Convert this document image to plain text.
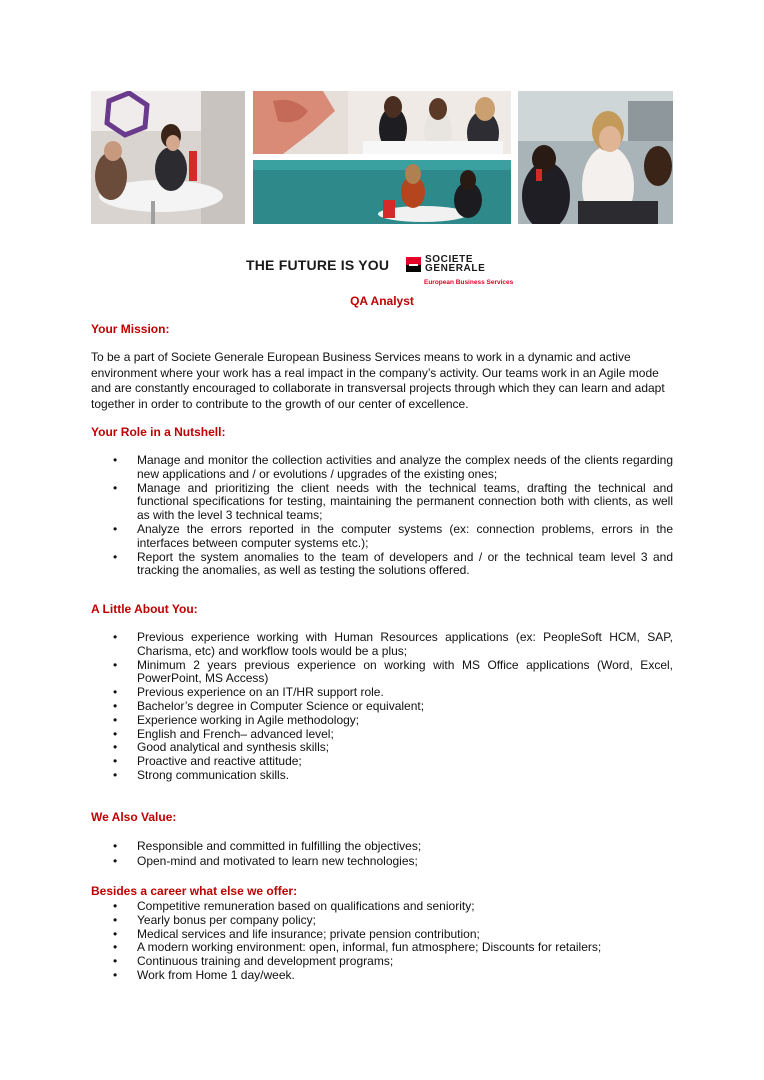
THE FUTURE IS YOU	SOCIETE
GENERALE
European Business Services
QA Analyst
Your Mission:

To be a part of Societe Generale European Business Services means to work in a dynamic and active environment where your work has a real impact in the company’s activity. Our teams work in an Agile mode and are constantly encouraged to collaborate in transversal projects through which they can learn and adapt together in order to contribute to the growth of our center of excellence.

Your Role in a Nutshell:
• Manage and monitor the collection activities and analyze the complex needs of the clients regarding new applications and / or evolutions / upgrades of the existing ones;
• Manage and prioritizing the client needs with the technical teams, drafting the technical and functional specifications for testing, maintaining the permanent connection both with clients, as well as with the level 3 technical teams;
• Analyze the errors reported in the computer systems (ex: connection problems, errors in the interfaces between computer systems etc.);
• Report the system anomalies to the team of developers and / or the technical team level 3 and tracking the anomalies, as well as testing the solutions offered.
A Little About You:
• Previous experience working with Human Resources applications (ex: PeopleSoft HCM, SAP, Charisma, etc) and workflow tools would be a plus;
• Minimum 2 years previous experience on working with MS Office applications (Word, Excel, PowerPoint, MS Access)
• Previous experience on an IT/HR support role.
• Bachelor’s degree in Computer Science or equivalent;
• Experience working in Agile methodology;
• English and French– advanced level;
• Good analytical and synthesis skills;
• Proactive and reactive attitude;
• Strong communication skills.
We Also Value:
• Responsible and committed in fulfilling the objectives;
• Open-mind and motivated to learn new technologies;
Besides a career what else we offer:
• Competitive remuneration based on qualifications and seniority;
• Yearly bonus per company policy;
• Medical services and life insurance; private pension contribution;
• A modern working environment: open, informal, fun atmosphere; Discounts for retailers;
• Continuous training and development programs;
• Work from Home 1 day/week.
